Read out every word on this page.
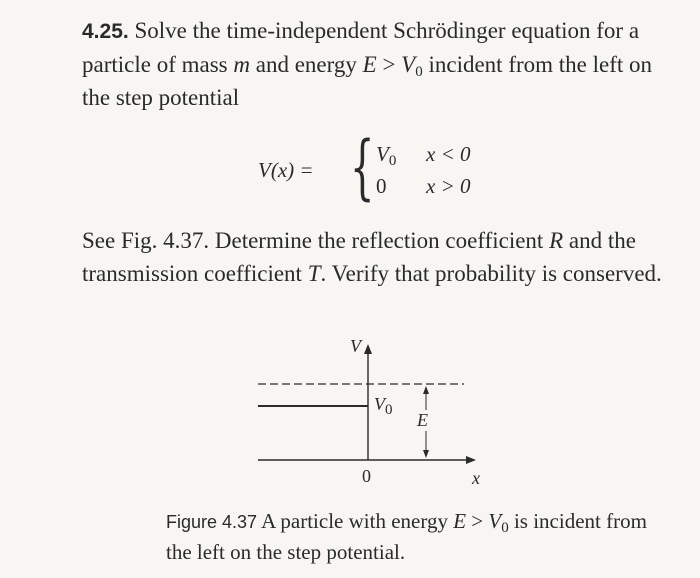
4.25. Solve the time-independent Schrödinger equation for a particle of mass m and energy $E > V_0$ incident from the left on the step potential

V(x) = { $V_0$
0
x < 0
x > 0

See Fig. 4.37. Determine the reflection coefficient R and the transmission coefficient T. Verify that probability is conserved.

V
$V_0$ E
0	x

Figure 4.37 A particle with energy $E > V_0$ is incident from the left on the step potential.
